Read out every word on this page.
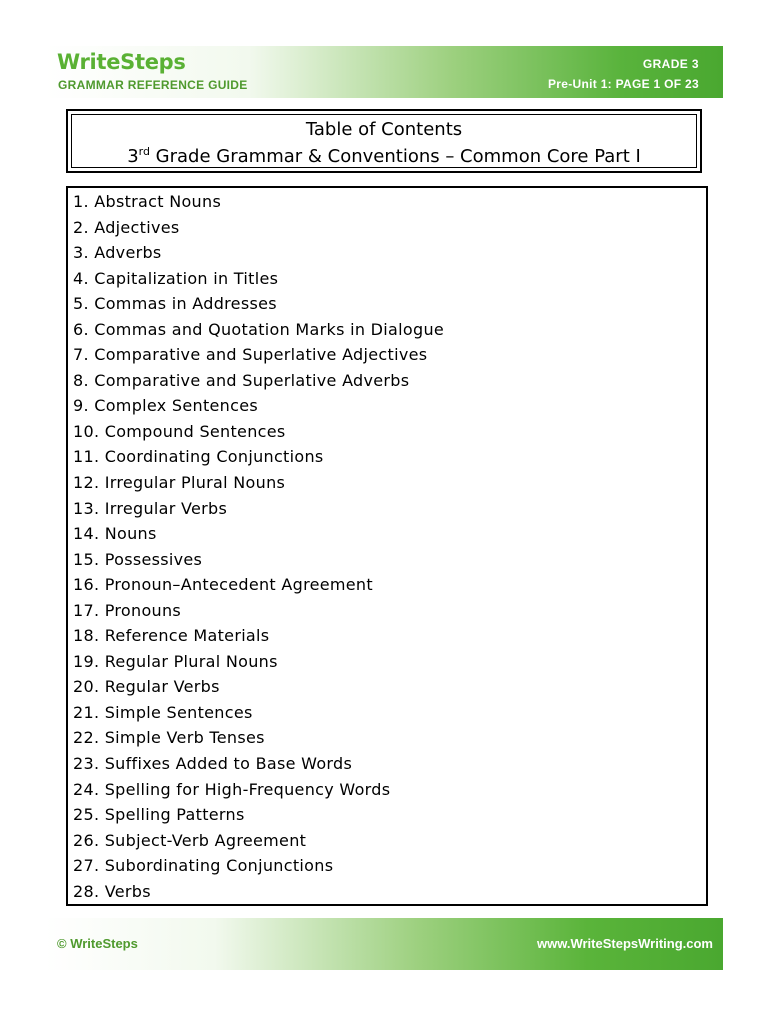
WriteSteps
GRAMMAR REFERENCE GUIDE
GRADE 3
Pre-Unit 1: PAGE 1 OF 23
Table of Contents
3rd Grade Grammar & Conventions – Common Core Part I
1. Abstract Nouns
2. Adjectives
3. Adverbs
4. Capitalization in Titles
5. Commas in Addresses
6. Commas and Quotation Marks in Dialogue
7. Comparative and Superlative Adjectives
8. Comparative and Superlative Adverbs
9. Complex Sentences
10. Compound Sentences
11. Coordinating Conjunctions
12. Irregular Plural Nouns
13. Irregular Verbs
14. Nouns
15. Possessives
16. Pronoun–Antecedent Agreement
17. Pronouns
18. Reference Materials
19. Regular Plural Nouns
20. Regular Verbs
21. Simple Sentences
22. Simple Verb Tenses
23. Suffixes Added to Base Words
24. Spelling for High-Frequency Words
25. Spelling Patterns
26. Subject-Verb Agreement
27. Subordinating Conjunctions
28. Verbs
© WriteSteps	www.WriteStepsWriting.com
